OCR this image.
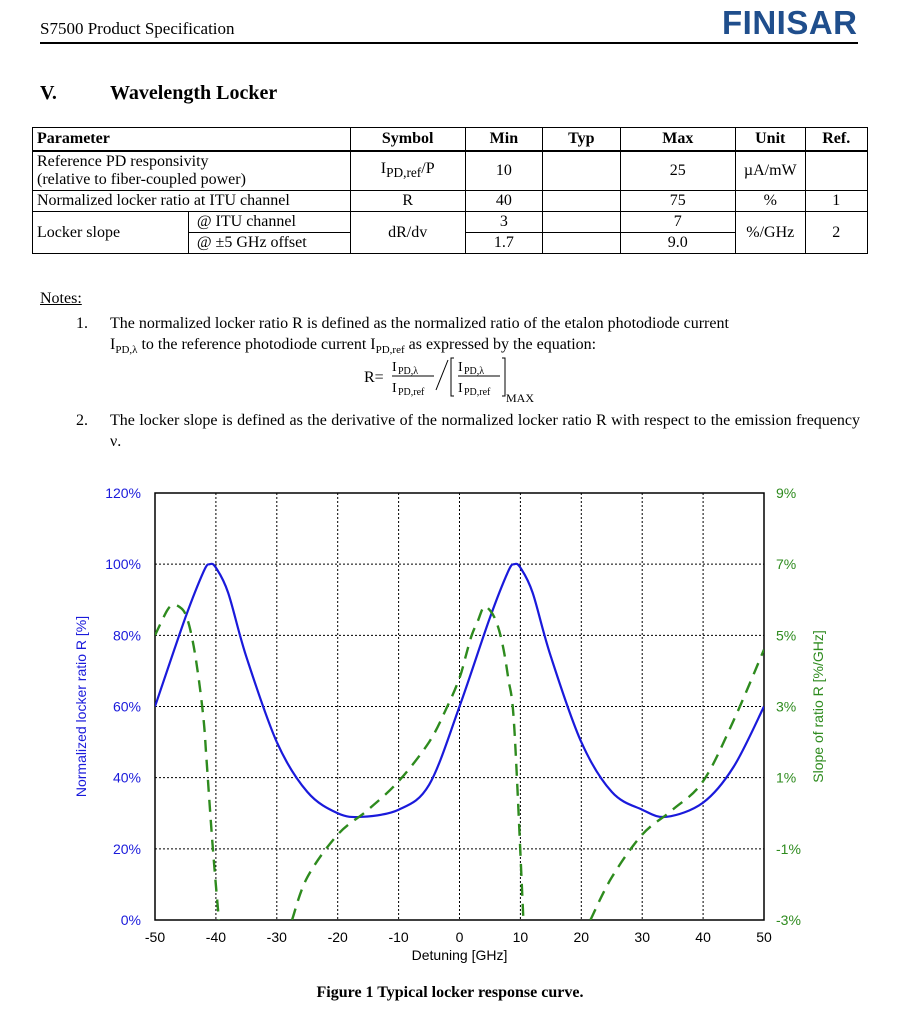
S7500 Product Specification	FINISAR
V.	Wavelength Locker
Parameter		Symbol	Min	Typ	Max	Unit	Ref.
Reference PD responsivity
(relative to fiber-coupled power)		$I_{PD,ref}/P$	10		25	µA/mW	
Normalized locker ratio at ITU channel		R	40		75	%	1
Locker slope	@ ITU channel	dR/dv	3		7	%/GHz	2
	@ ±5 GHz offset		1.7		9.0		
Notes:
1. The normalized locker ratio R is defined as the normalized ratio of the etalon photodiode current
$I_{PD,\lambda}$ to the reference photodiode current $I_{PD,ref}$ as expressed by the equation:
R=
I PD,λ
I PD,ref
I PD,λ
I PD,ref MAX
2. The locker slope is defined as the derivative of the normalized locker ratio R with respect to the emission frequency ν.
-50	-40	-30	-20	-10	0	10	20	30	40	50
0%
20%
40%
60%
80%
100%
120%
-3%
-1%
1%
3%
5%
7%
9%
Detuning [GHz]
Normalized locker ratio R [%]	Slope of ratio R [%/GHz]
Figure 1 Typical locker response curve.
